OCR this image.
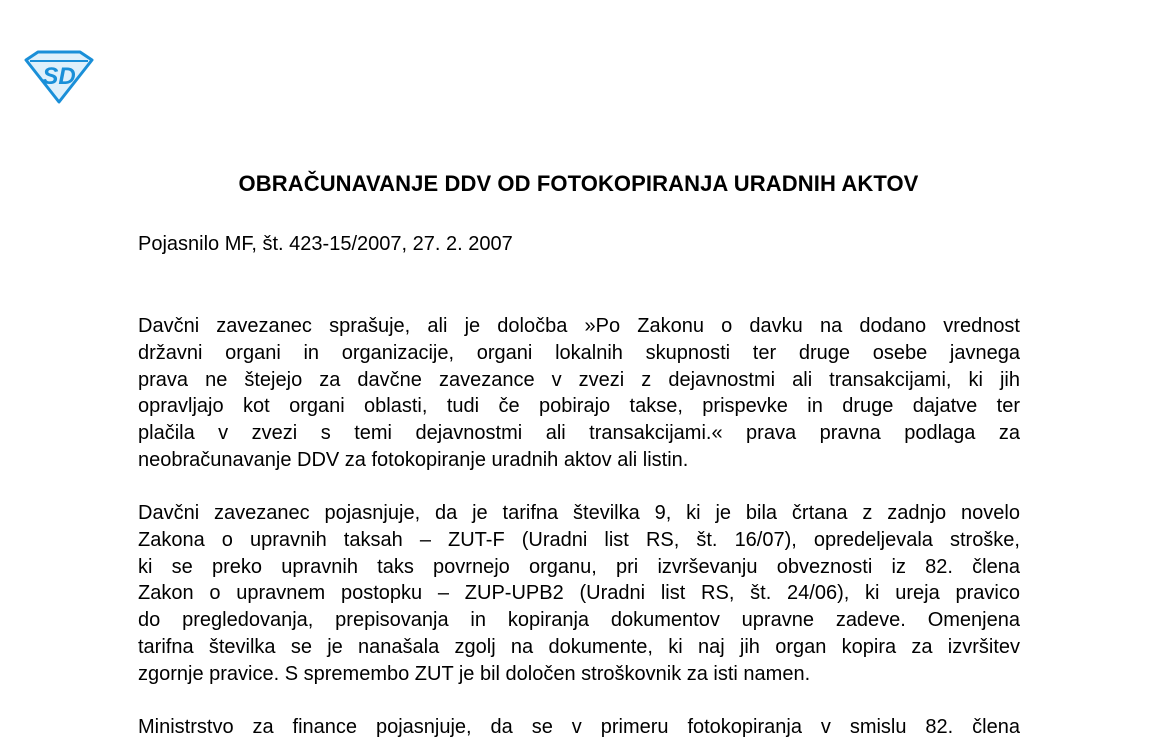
SD
OBRAČUNAVANJE DDV OD FOTOKOPIRANJA URADNIH AKTOV

Pojasnilo MF, št. 423-15/2007, 27. 2. 2007

Davčni zavezanec sprašuje, ali je določba »Po Zakonu o davku na dodano vrednost
državni organi in organizacije, organi lokalnih skupnosti ter druge osebe javnega
prava ne štejejo za davčne zavezance v zvezi z dejavnostmi ali transakcijami, ki jih
opravljajo kot organi oblasti, tudi če pobirajo takse, prispevke in druge dajatve ter
plačila v zvezi s temi dejavnostmi ali transakcijami.« prava pravna podlaga za
neobračunavanje DDV za fotokopiranje uradnih aktov ali listin.

Davčni zavezanec pojasnjuje, da je tarifna številka 9, ki je bila črtana z zadnjo novelo
Zakona o upravnih taksah – ZUT-F (Uradni list RS, št. 16/07), opredeljevala stroške,
ki se preko upravnih taks povrnejo organu, pri izvrševanju obveznosti iz 82. člena
Zakon o upravnem postopku – ZUP-UPB2 (Uradni list RS, št. 24/06), ki ureja pravico
do pregledovanja, prepisovanja in kopiranja dokumentov upravne zadeve. Omenjena
tarifna številka se je nanašala zgolj na dokumente, ki naj jih organ kopira za izvršitev
zgornje pravice. S spremembo ZUT je bil določen stroškovnik za isti namen.

Ministrstvo za finance pojasnjuje, da se v primeru fotokopiranja v smislu 82. člena
